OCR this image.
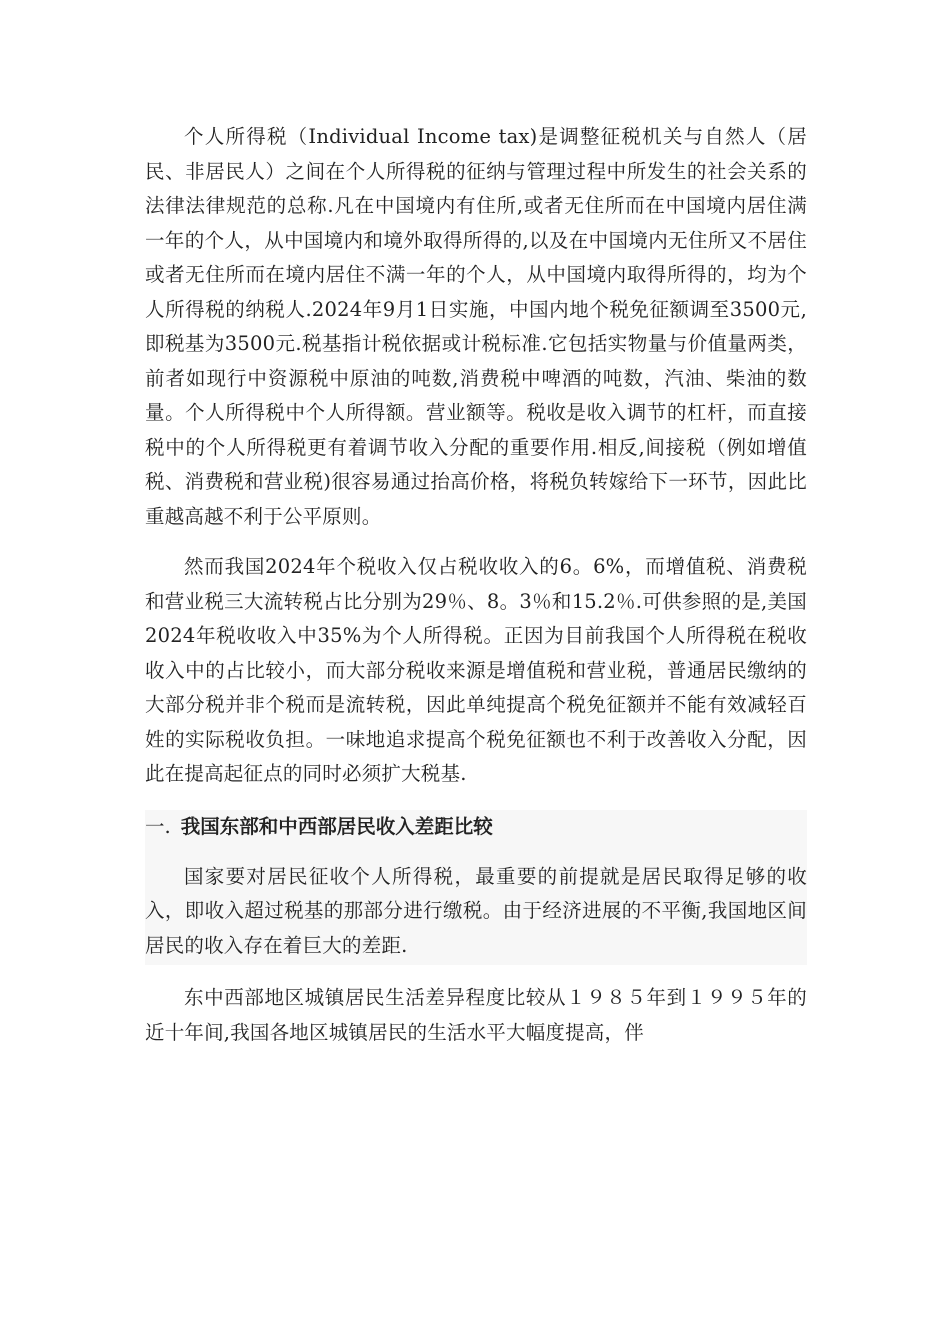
个人所得税（Individual Income tax)是调整征税机关与自然人（居民、非居民人）之间在个人所得税的征纳与管理过程中所发生的社会关系的法律法律规范的总称.凡在中国境内有住所,或者无住所而在中国境内居住满一年的个人，从中国境内和境外取得所得的,以及在中国境内无住所又不居住或者无住所而在境内居住不满一年的个人，从中国境内取得所得的，均为个人所得税的纳税人.2024年9月1日实施，中国内地个税免征额调至3500元,即税基为3500元.税基指计税依据或计税标准.它包括实物量与价值量两类，前者如现行中资源税中原油的吨数,消费税中啤酒的吨数，汽油、柴油的数量。个人所得税中个人所得额。营业额等。税收是收入调节的杠杆，而直接税中的个人所得税更有着调节收入分配的重要作用.相反,间接税（例如增值税、消费税和营业税)很容易通过抬高价格，将税负转嫁给下一环节，因此比重越高越不利于公平原则。

然而我国2024年个税收入仅占税收收入的6。6%，而增值税、消费税和营业税三大流转税占比分别为29％、8。3％和15.2％.可供参照的是,美国2024年税收收入中35%为个人所得税。正因为目前我国个人所得税在税收收入中的占比较小，而大部分税收来源是增值税和营业税，普通居民缴纳的大部分税并非个税而是流转税，因此单纯提高个税免征额并不能有效减轻百姓的实际税收负担。一味地追求提高个税免征额也不利于改善收入分配，因此在提高起征点的同时必须扩大税基.

一. 我国东部和中西部居民收入差距比较

国家要对居民征收个人所得税，最重要的前提就是居民取得足够的收入，即收入超过税基的那部分进行缴税。由于经济进展的不平衡,我国地区间居民的收入存在着巨大的差距.

东中西部地区城镇居民生活差异程度比较从１９８５年到１９９５年的近十年间,我国各地区城镇居民的生活水平大幅度提高，伴
